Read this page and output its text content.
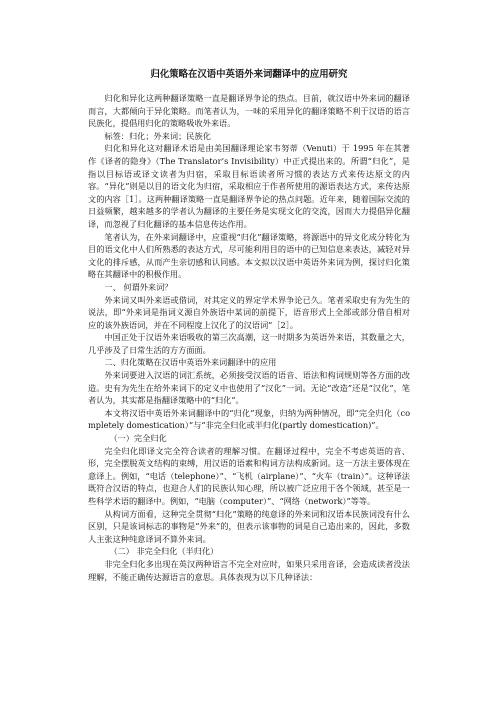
归化策略在汉语中英语外来词翻译中的应用研究

归化和异化这两种翻译策略一直是翻译界争论的热点。目前，就汉语中外来词的翻译而言，大都倾向于异化策略。而笔者认为，一味的采用异化的翻译策略不利于汉语的语言民族化，提倡用归化的策略吸收外来语。

标签：归化；外来词；民族化

归化和异化这对翻译术语是由美国翻译理论家韦努蒂（Venuti）于 1995 年在其著作《译者的隐身》（The Translator’s Invisibility）中正式提出来的。所谓“归化”，是指以目标语或译文读者为归宿，采取目标语读者所习惯的表达方式来传达原文的内容。“异化”则是以目的语文化为归宿，采取相应于作者所使用的源语表达方式，来传达原文的内容［1］。这两种翻译策略一直是翻译界争论的热点问题。近年来，随着国际交流的日益频繁，越来越多的学者认为翻译的主要任务是实现文化的交流，因而大力提倡异化翻译，而忽视了归化翻译的基本信息传达作用。

笔者认为，在外来词翻译中，应重视“归化”翻译策略，将源语中的异文化成分转化为目的语文化中人们所熟悉的表达方式，尽可能利用目的语中的已知信息来表达，减轻对异文化的排斥感，从而产生亲切感和认同感。本文拟以汉语中英语外来词为例，探讨归化策略在其翻译中的积极作用。

一、 何谓外来词？

外来词又叫外来语或借词，对其定义的界定学术界争论已久。笔者采取史有为先生的说法，即“外来词是指词义源自外族语中某词的前提下，语音形式上全部或部分借自相对应的该外族语词，并在不同程度上汉化了的汉语词”［2］。

中国正处于汉语外来语吸收的第三次高潮，这一时期多为英语外来语，其数量之大，几乎涉及了日常生活的方方面面。

二、归化策略在汉语中英语外来词翻译中的应用

外来词要进入汉语的词汇系统，必须接受汉语的语音、语法和构词规则等各方面的改造。史有为先生在给外来词下的定义中也使用了“汉化”一词。无论“改造”还是“汉化”，笔者认为，其实都是指翻译策略中的“归化”。

本文将汉语中英语外来词翻译中的“归化”现象，归纳为两种情况，即“完全归化（completely domestication）”与“非完全归化或半归化(partly domestication)”。

（一）完全归化

完全归化即译文完全符合读者的理解习惯。在翻译过程中，完全不考虑英语的音、形，完全摆脱英文结构的束缚，用汉语的语素和构词方法构成新词。这一方法主要体现在意译上。例如，“电话（telephone）”、“飞机（airplane）”、“火车（train）”。这种译法既符合汉语的特点，也迎合人们的民族认知心理，所以被广泛应用于各个领域，甚至是一些科学术语的翻译中。例如，“电脑（computer）”、“网络（network）”等等。

从构词方面看，这种完全贯彻“归化”策略的纯意译的外来词和汉语本民族词没有什么区别，只是该词标志的事物是“外来”的，但表示该事物的词是自己造出来的，因此，多数人主张这种纯意译词不算外来词。

（二） 非完全归化（半归化）

非完全归化多出现在英汉两种语言不完全对应时，如果只采用音译，会造成读者没法理解，不能正确传达源语言的意思。具体表现为以下几种译法：
